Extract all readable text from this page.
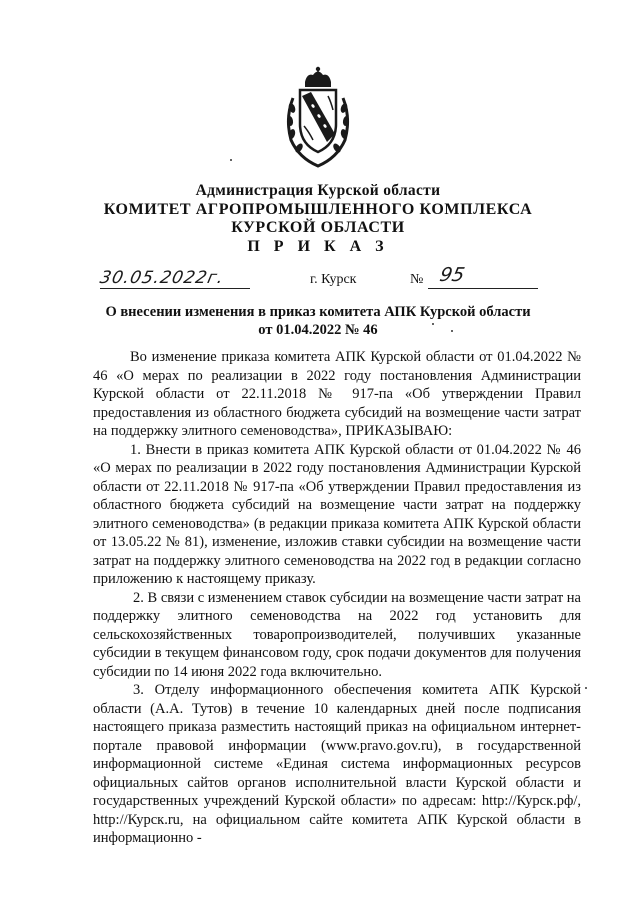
Администрация Курской области
КОМИТЕТ АГРОПРОМЫШЛЕННОГО КОМПЛЕКСА
КУРСКОЙ ОБЛАСТИ
П Р И К А З
30.05.2022г.	г. Курск	№ 95
О внесении изменения в приказ комитета АПК Курской области
от 01.04.2022 № 46

Во изменение приказа комитета АПК Курской области от 01.04.2022 № 46 «О мерах по реализации в 2022 году постановления Администрации Курской области от 22.11.2018 № 917-па «Об утверждении Правил предоставления из областного бюджета субсидий на возмещение части затрат на поддержку элитного семеноводства», ПРИКАЗЫВАЮ:

1. Внести в приказ комитета АПК Курской области от 01.04.2022 № 46 «О мерах по реализации в 2022 году постановления Администрации Курской области от 22.11.2018 № 917-па «Об утверждении Правил предоставления из областного бюджета субсидий на возмещение части затрат на поддержку элитного семеноводства» (в редакции приказа комитета АПК Курской области от 13.05.22 № 81), изменение, изложив ставки субсидии на возмещение части затрат на поддержку элитного семеноводства на 2022 год в редакции согласно приложению к настоящему приказу.

2. В связи с изменением ставок субсидии на возмещение части затрат на поддержку элитного семеноводства на 2022 год установить для сельскохозяйственных товаропроизводителей, получивших указанные субсидии в текущем финансовом году, срок подачи документов для получения субсидии по 14 июня 2022 года включительно.

3. Отделу информационного обеспечения комитета АПК Курской области (А.А. Тутов) в течение 10 календарных дней после подписания настоящего приказа разместить настоящий приказ на официальном интернет-портале правовой информации (www.pravo.gov.ru), в государственной информационной системе «Единая система информационных ресурсов официальных сайтов органов исполнительной власти Курской области и государственных учреждений Курской области» по адресам: http://Курск.рф/, http://Курск.ru, на официальном сайте комитета АПК Курской области в информационно -
